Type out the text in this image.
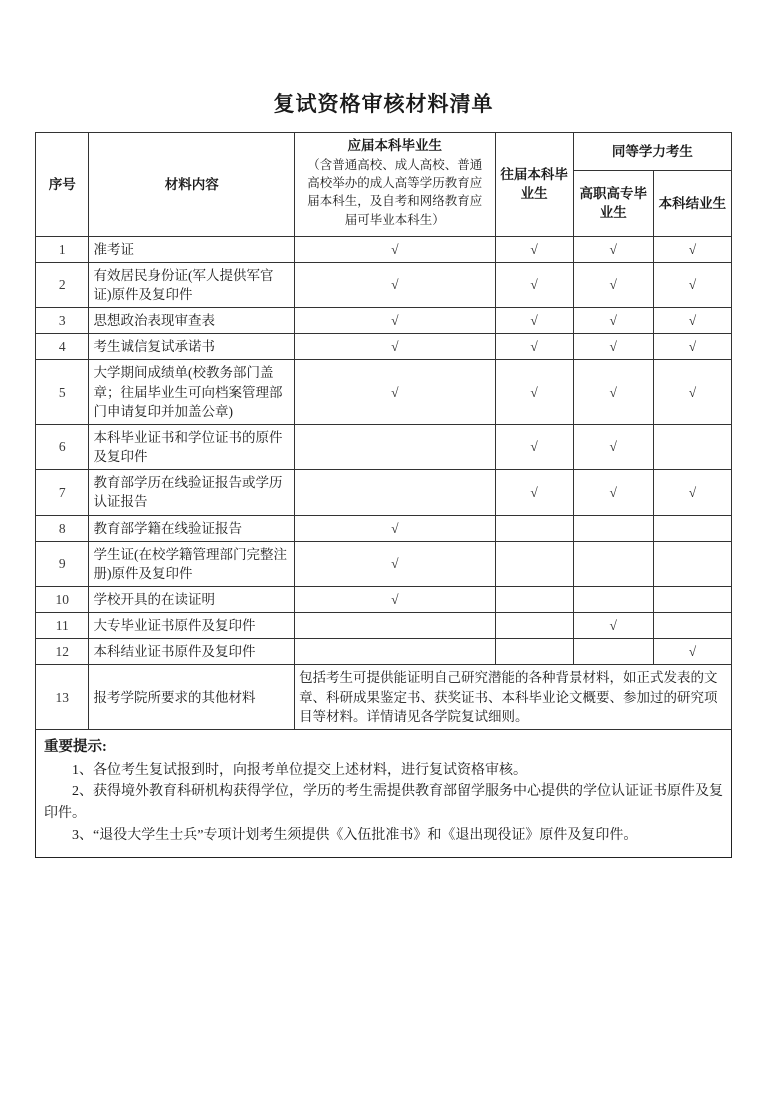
复试资格审核材料清单
序号	材料内容	应届本科毕业生
（含普通高校、成人高校、普通高校举办的成人高等学历教育应届本科生，及自考和网络教育应届可毕业本科生）	往届本科毕业生	同等学力考生	
				高职高专毕业生	本科结业生
1	准考证	√	√	√	√
2	有效居民身份证(军人提供军官证)原件及复印件	√	√	√	√
3	思想政治表现审查表	√	√	√	√
4	考生诚信复试承诺书	√	√	√	√
5	大学期间成绩单(校教务部门盖章；往届毕业生可向档案管理部门申请复印并加盖公章)	√	√	√	√
6	本科毕业证书和学位证书的原件及复印件		√	√	
7	教育部学历在线验证报告或学历认证报告		√	√	√
8	教育部学籍在线验证报告	√			
9	学生证(在校学籍管理部门完整注册)原件及复印件	√			
10	学校开具的在读证明	√			
11	大专毕业证书原件及复印件			√	
12	本科结业证书原件及复印件				√
13	报考学院所要求的其他材料	包括考生可提供能证明自己研究潜能的各种背景材料，如正式发表的文章、科研成果鉴定书、获奖证书、本科毕业论文概要、参加过的研究项目等材料。详情请见各学院复试细则。			
重要提示:

1、各位考生复试报到时，向报考单位提交上述材料，进行复试资格审核。

2、获得境外教育科研机构获得学位，学历的考生需提供教育部留学服务中心提供的学位认证证书原件及复印件。

3、“退役大学生士兵”专项计划考生须提供《入伍批准书》和《退出现役证》原件及复印件。
